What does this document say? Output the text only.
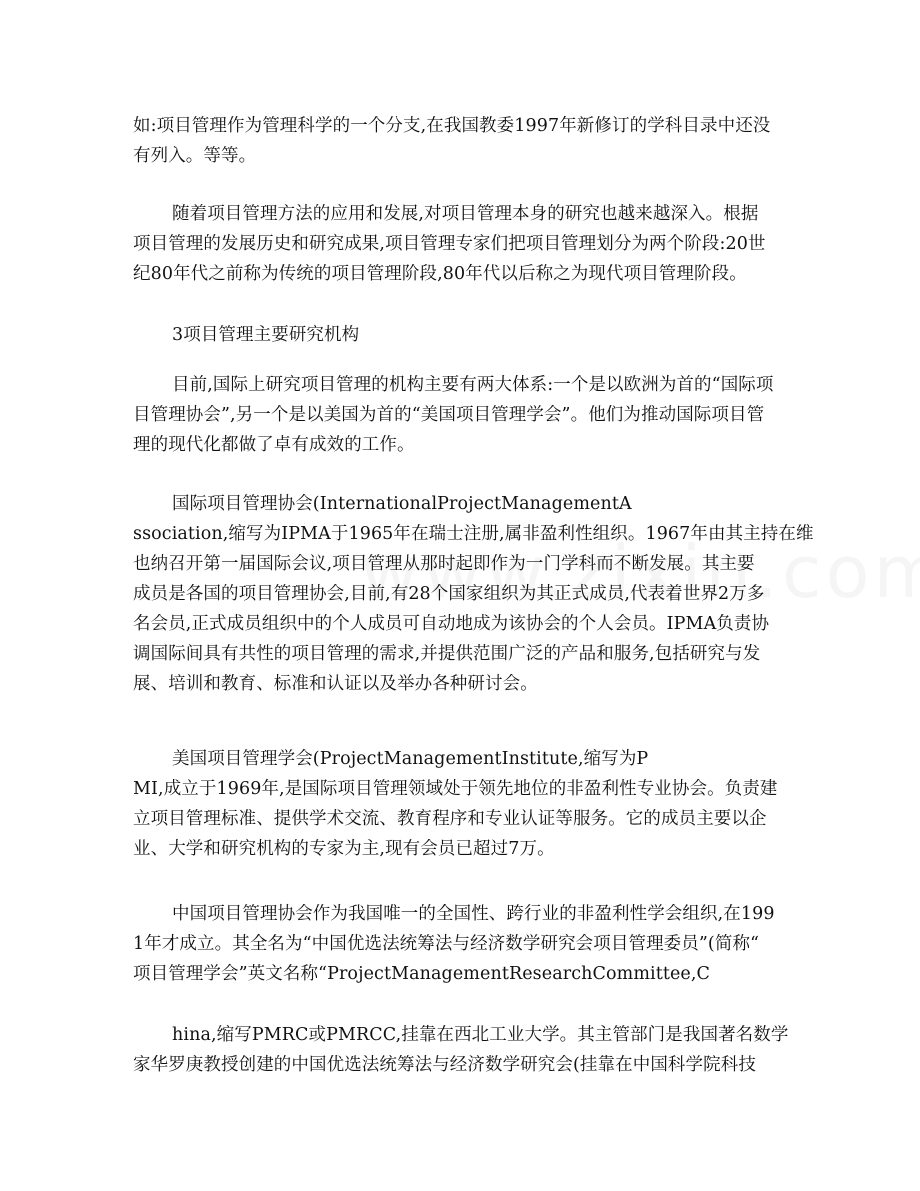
如:项目管理作为管理科学的一个分支,在我国教委1997年新修订的学科目录中还没
有列入。等等。

随着项目管理方法的应用和发展,对项目管理本身的研究也越来越深入。根据
项目管理的发展历史和研究成果,项目管理专家们把项目管理划分为两个阶段:20世
纪80年代之前称为传统的项目管理阶段,80年代以后称之为现代项目管理阶段。

3项目管理主要研究机构

目前,国际上研究项目管理的机构主要有两大体系:一个是以欧洲为首的“国际项
目管理协会”,另一个是以美国为首的“美国项目管理学会”。他们为推动国际项目管
理的现代化都做了卓有成效的工作。

国际项目管理协会(InternationalProjectManagementA
ssociation,缩写为IPMA于1965年在瑞士注册,属非盈利性组织。1967年由其主持在维
也纳召开第一届国际会议,项目管理从那时起即作为一门学科而不断发展。其主要
成员是各国的项目管理协会,目前,有28个国家组织为其正式成员,代表着世界2万多
名会员,正式成员组织中的个人成员可自动地成为该协会的个人会员。IPMA负责协
调国际间具有共性的项目管理的需求,并提供范围广泛的产品和服务,包括研究与发
展、培训和教育、标准和认证以及举办各种研讨会。

美国项目管理学会(ProjectManagementInstitute,缩写为P
MI,成立于1969年,是国际项目管理领域处于领先地位的非盈利性专业协会。负责建
立项目管理标准、提供学术交流、教育程序和专业认证等服务。它的成员主要以企
业、大学和研究机构的专家为主,现有会员已超过7万。

中国项目管理协会作为我国唯一的全国性、跨行业的非盈利性学会组织,在199
1年才成立。其全名为“中国优选法统筹法与经济数学研究会项目管理委员”(简称“
项目管理学会”英文名称“ProjectManagementResearchCommittee,C

hina,缩写PMRC或PMRCC,挂靠在西北工业大学。其主管部门是我国著名数学
家华罗庚教授创建的中国优选法统筹法与经济数学研究会(挂靠在中国科学院科技
